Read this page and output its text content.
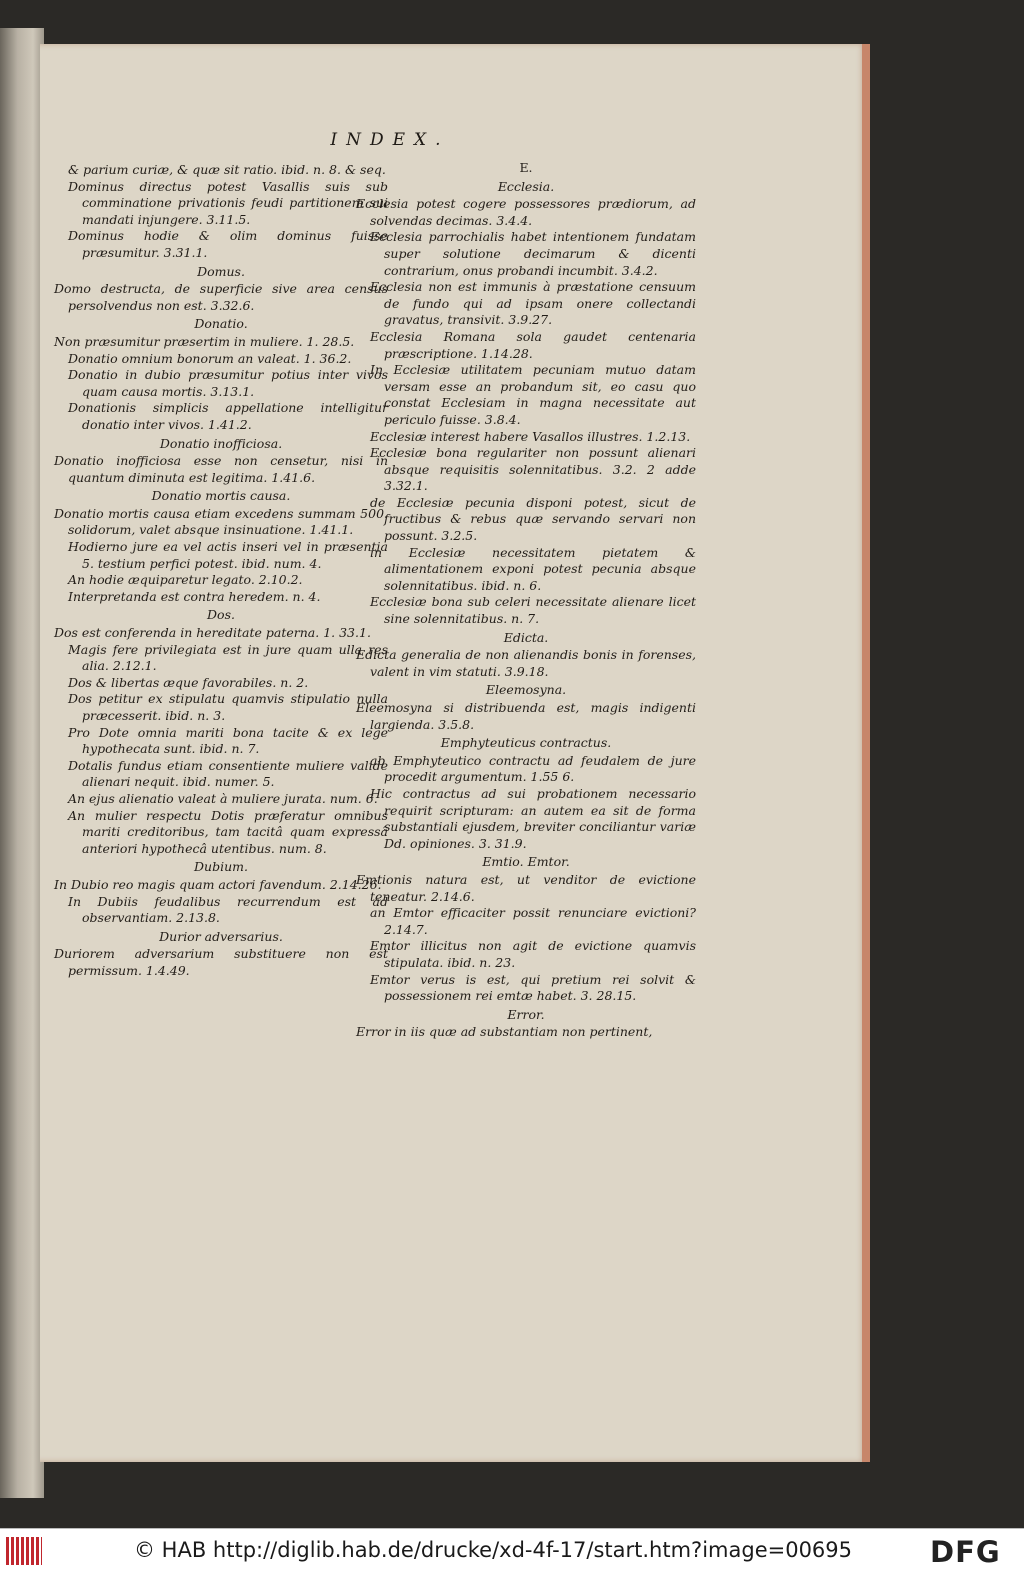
INDEX.
& parium curiæ, & quæ sit ratio. ibid. n. 8. & seq.
Dominus directus potest Vasallis suis sub comminatione privationis feudi partitionem sui mandati injungere. 3.11.5.
Dominus hodie & olim dominus fuisse præsumitur. 3.31.1.
Domus.
Domo destructa, de superficie sive area census persolvendus non est. 3.32.6.
Donatio.
Non præsumitur præsertim in muliere. 1. 28.5.
Donatio omnium bonorum an valeat. 1. 36.2.
Donatio in dubio præsumitur potius inter vivos quam causa mortis. 3.13.1.
Donationis simplicis appellatione intelligitur donatio inter vivos. 1.41.2.
Donatio inofficiosa.
Donatio inofficiosa esse non censetur, nisi in quantum diminuta est legitima. 1.41.6.
Donatio mortis causa.
Donatio mortis causa etiam excedens summam 500. solidorum, valet absque insinuatione. 1.41.1.
Hodierno jure ea vel actis inseri vel in præsentia 5. testium perfici potest. ibid. num. 4.
An hodie æquiparetur legato. 2.10.2.
Interpretanda est contra heredem. n. 4.
Dos.
Dos est conferenda in hereditate paterna. 1. 33.1.
Magis fere privilegiata est in jure quam ulla res alia. 2.12.1.
Dos & libertas æque favorabiles. n. 2.
Dos petitur ex stipulatu quamvis stipulatio nulla præcesserit. ibid. n. 3.
Pro Dote omnia mariti bona tacite & ex lege hypothecata sunt. ibid. n. 7.
Dotalis fundus etiam consentiente muliere valide alienari nequit. ibid. numer. 5.
An ejus alienatio valeat à muliere jurata. num. 6.
An mulier respectu Dotis præferatur omnibus mariti creditoribus, tam tacitâ quam expressâ anteriori hypothecâ utentibus. num. 8.
Dubium.
In Dubio reo magis quam actori favendum. 2.14.26.
In Dubiis feudalibus recurrendum est ad observantiam. 2.13.8.
Durior adversarius.
Duriorem adversarium substituere non est permissum. 1.4.49.
E.
Ecclesia.
Ecclesia potest cogere possessores prædiorum, ad solvendas decimas. 3.4.4.
Ecclesia parrochialis habet intentionem fundatam super solutione decimarum & dicenti contrarium, onus probandi incumbit. 3.4.2.
Ecclesia non est immunis à præstatione censuum de fundo qui ad ipsam onere collectandi gravatus, transivit. 3.9.27.
Ecclesia Romana sola gaudet centenaria præscriptione. 1.14.28.
In Ecclesiæ utilitatem pecuniam mutuo datam versam esse an probandum sit, eo casu quo constat Ecclesiam in magna necessitate aut periculo fuisse. 3.8.4.
Ecclesiæ interest habere Vasallos illustres. 1.2.13.
Ecclesiæ bona regulariter non possunt alienari absque requisitis solennitatibus. 3.2. 2 adde 3.32.1.
de Ecclesiæ pecunia disponi potest, sicut de fructibus & rebus quæ servando servari non possunt. 3.2.5.
in Ecclesiæ necessitatem pietatem & alimentationem exponi potest pecunia absque solennitatibus. ibid. n. 6.
Ecclesiæ bona sub celeri necessitate alienare licet sine solennitatibus. n. 7.
Edicta.
Edicta generalia de non alienandis bonis in forenses, valent in vim statuti. 3.9.18.
Eleemosyna.
Eleemosyna si distribuenda est, magis indigenti largienda. 3.5.8.
Emphyteuticus contractus.
ab Emphyteutico contractu ad feudalem de jure procedit argumentum. 1.55 6.
Hic contractus ad sui probationem necessario requirit scripturam: an autem ea sit de forma substantiali ejusdem, breviter conciliantur variæ Dd. opiniones. 3. 31.9.
Emtio. Emtor.
Emtionis natura est, ut venditor de evictione teneatur. 2.14.6.
an Emtor efficaciter possit renunciare evictioni? 2.14.7.
Emtor illicitus non agit de evictione quamvis stipulata. ibid. n. 23.
Emtor verus is est, qui pretium rei solvit & possessionem rei emtæ habet. 3. 28.15.
Error.
Error in iis quæ ad substantiam non pertinent,
© HAB http://diglib.hab.de/drucke/xd-4f-17/start.htm?image=00695	DFG
